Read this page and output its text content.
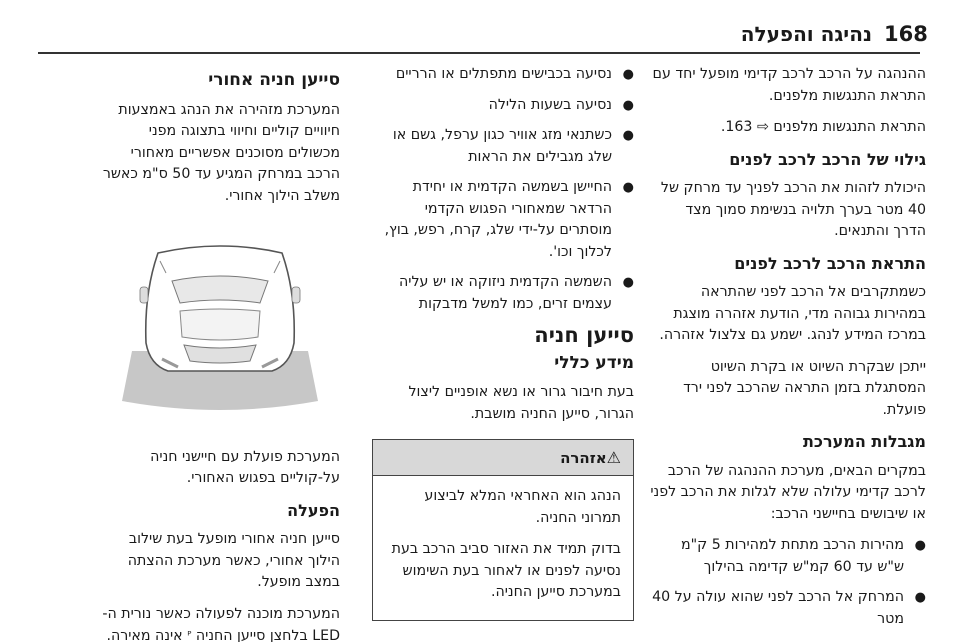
168
נהיגה והפעלה

ההנהגה על הרכב לרכב קדימי מופעל יחד עם התראת התנגשות מלפנים.

התראת התנגשות מלפנים ⇨ 163.

גילוי של הרכב לרכב לפנים

היכולת לזהות את הרכב לפניך עד מרחק של 40 מטר בערך תלויה בנשימת סמוך מצד הדרך והתנאים.

התראת הרכב לרכב לפנים

כשמתקרבים אל הרכב לפני שהתראה במהירות גבוהה מדי, הודעת אזהרה מוצגת במרכז המידע לנהג. ישמע גם צלצול אזהרה.

ייתכן שבקרת השיוט או בקרת השיוט המסתגלת בזמן התראה שהרכב לפני ירד פועלת.

מגבלות המערכת

במקרים הבאים, מערכת ההנהגה של הרכב לרכב קדימי עלולה שלא לגלות את הרכב לפני או שיבושים בחיישני הרכב:

●
מהירות הרכב מתחת למהירות 5 ק"מ ש"ש עד 60 קמ"ש קדימה בהילוך
●
המרחק אל הרכב לפני שהוא עולה על 40 מטר
●
נסיעה בכבישים מתפתלים או הרריים
●
נסיעה בשעות הלילה
●
כשתנאי מזג אוויר כגון ערפל, גשם או שלג מגבילים את הראות
●
החיישן בשמשה הקדמית או יחידת הרדאר שמאחורי הפגוש הקדמי מוסתרים על-ידי שלג, קרח, רפש, בוץ, לכלוך וכו'.
●
השמשה הקדמית ניזוקה או יש עליה עצמים זרים, כמו למשל מדבקות
סייען חניה
מידע כללי

בעת חיבור גרור או נשא אופניים ליצול הגרור, סייען החניה מושבת.

⚠אזהרה

הנהג הוא האחראי המלא לביצוע תמרוני החניה.

בדוק תמיד את האזור סביב הרכב בעת נסיעה לפנים או לאחור בעת השימוש במערכת סייען החניה.

סייען חניה אחורי

המערכת מזהירה את הנהג באמצעות חיוויים קוליים וחיווי בתצוגה מפני מכשולים מסוכנים אפשריים מאחורי הרכב במרחק המגיע עד 50 ס"מ כאשר משלב הילוך אחורי.

המערכת פועלת עם חיישני חניה על-קוליים בפגוש האחורי.

הפעלה

סייען חניה אחורי מופעל בעת שילוב הילוך אחורי, כאשר מערכת ההצתה במצב מופעל.

המערכת מוכנה לפעולה כאשר נורית ה-LED בלחצן סייען החניה ᴾ אינה מאירה.
